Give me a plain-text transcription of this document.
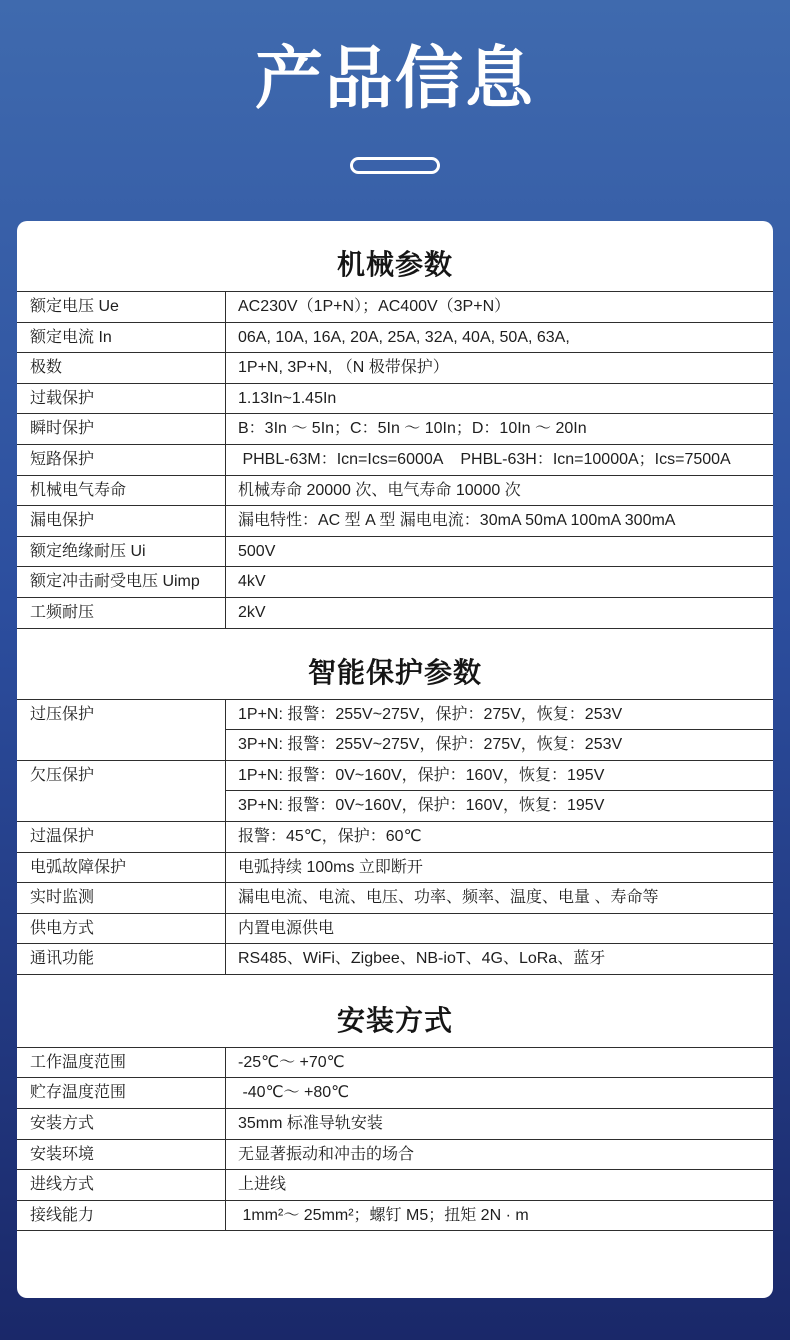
产品信息
机械参数
额定电压 Ue	AC230V（1P+N）；AC400V（3P+N）
额定电流 In	06A, 10A, 16A, 20A, 25A, 32A, 40A, 50A, 63A,
极数	1P+N, 3P+N, （N 极带保护）
过载保护	1.13In~1.45In
瞬时保护	B：3In ～ 5In；C：5In ～ 10In；D：10In ～ 20In
短路保护	PHBL-63M：Icn=Ics=6000A    PHBL-63H：Icn=10000A；Ics=7500A
机械电气寿命	机械寿命 20000 次、电气寿命 10000 次
漏电保护	漏电特性：AC 型 A 型 漏电电流：30mA 50mA 100mA 300mA
额定绝缘耐压 Ui	500V
额定冲击耐受电压 Uimp	4kV
工频耐压	2kV
智能保护参数
过压保护	1P+N: 报警：255V~275V，保护：275V，恢复：253V
3P+N: 报警：255V~275V，保护：275V，恢复：253V
欠压保护	1P+N: 报警：0V~160V，保护：160V，恢复：195V
3P+N: 报警：0V~160V，保护：160V，恢复：195V
过温保护	报警：45℃，保护：60℃
电弧故障保护	电弧持续 100ms 立即断开
实时监测	漏电电流、电流、电压、功率、频率、温度、电量 、寿命等
供电方式	内置电源供电
通讯功能	RS485、WiFi、Zigbee、NB-ioT、4G、LoRa、蓝牙
安装方式
工作温度范围	-25℃～ +70℃
贮存温度范围	-40℃～ +80℃
安装方式	35mm 标准导轨安装
安装环境	无显著振动和冲击的场合
进线方式	上进线
接线能力	1mm²～ 25mm²；螺钉 M5；扭矩 2N · m
